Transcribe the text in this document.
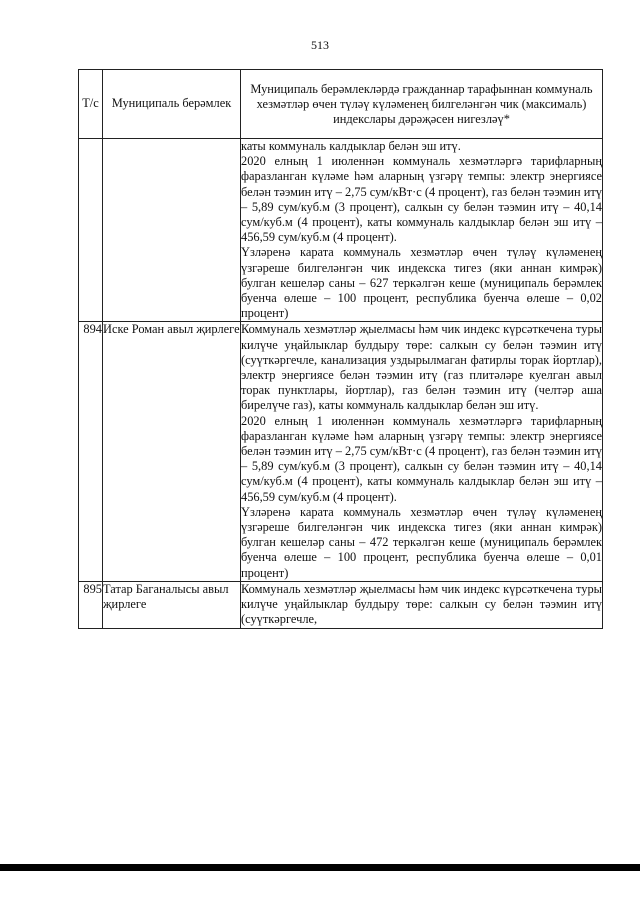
513
Т/с	Муниципаль берәмлек	Муниципаль берәмлекләрдә гражданнар тарафыннан коммуналь хезмәтләр өчен түләү күләменең билгеләнгән чик (максималь) индекслары дәрәҗәсен нигезләү*

		каты коммуналь калдыклар белән эш итү.

2020 елның 1 июленнән коммуналь хезмәтләргә тарифларның фаразланган күләме һәм аларның үзгәрү темпы: электр энергиясе белән тәэмин итү – 2,75 сум/кВт·с (4 процент), газ белән тәэмин итү – 5,89 сум/куб.м (3 процент), салкын су белән тәэмин итү – 40,14 сум/куб.м (4 процент), каты коммуналь калдыклар белән эш итү – 456,59 сум/куб.м (4 процент).

Үзләренә карата коммуналь хезмәтләр өчен түләү күләменең үзгәреше билгеләнгән чик индекска тигез (яки аннан кимрәк) булган кешеләр саны – 627 теркәлгән кеше (муниципаль берәмлек буенча өлеше – 100 процент, республика буенча өлеше – 0,02 процент)

894	Иске Роман авыл җирлеге	Коммуналь хезмәтләр җыелмасы һәм чик индекс күрсәткечена туры килүче уңайлыклар булдыру төре: салкын су белән тәэмин итү (суүткәргечле, канализация уздырылмаган фатирлы торак йортлар), электр энергиясе белән тәэмин итү (газ плитәләре куелган авыл торак пунктлары, йортлар), газ белән тәэмин итү (челтәр аша бирелүче газ), каты коммуналь калдыклар белән эш итү.

2020 елның 1 июленнән коммуналь хезмәтләргә тарифларның фаразланган күләме һәм аларның үзгәрү темпы: электр энергиясе белән тәэмин итү – 2,75 сум/кВт·с (4 процент), газ белән тәэмин итү – 5,89 сум/куб.м (3 процент), салкын су белән тәэмин итү – 40,14 сум/куб.м (4 процент), каты коммуналь калдыклар белән эш итү – 456,59 сум/куб.м (4 процент).

Үзләренә карата коммуналь хезмәтләр өчен түләү күләменең үзгәреше билгеләнгән чик индекска тигез (яки аннан кимрәк) булган кешеләр саны – 472 теркәлгән кеше (муниципаль берәмлек буенча өлеше – 100 процент, республика буенча өлеше – 0,01 процент)

895	Татар Баганалысы авыл җирлеге	Коммуналь хезмәтләр җыелмасы һәм чик индекс күрсәткечена туры килүче уңайлыклар булдыру төре: салкын су белән тәэмин итү (суүткәргечле,
